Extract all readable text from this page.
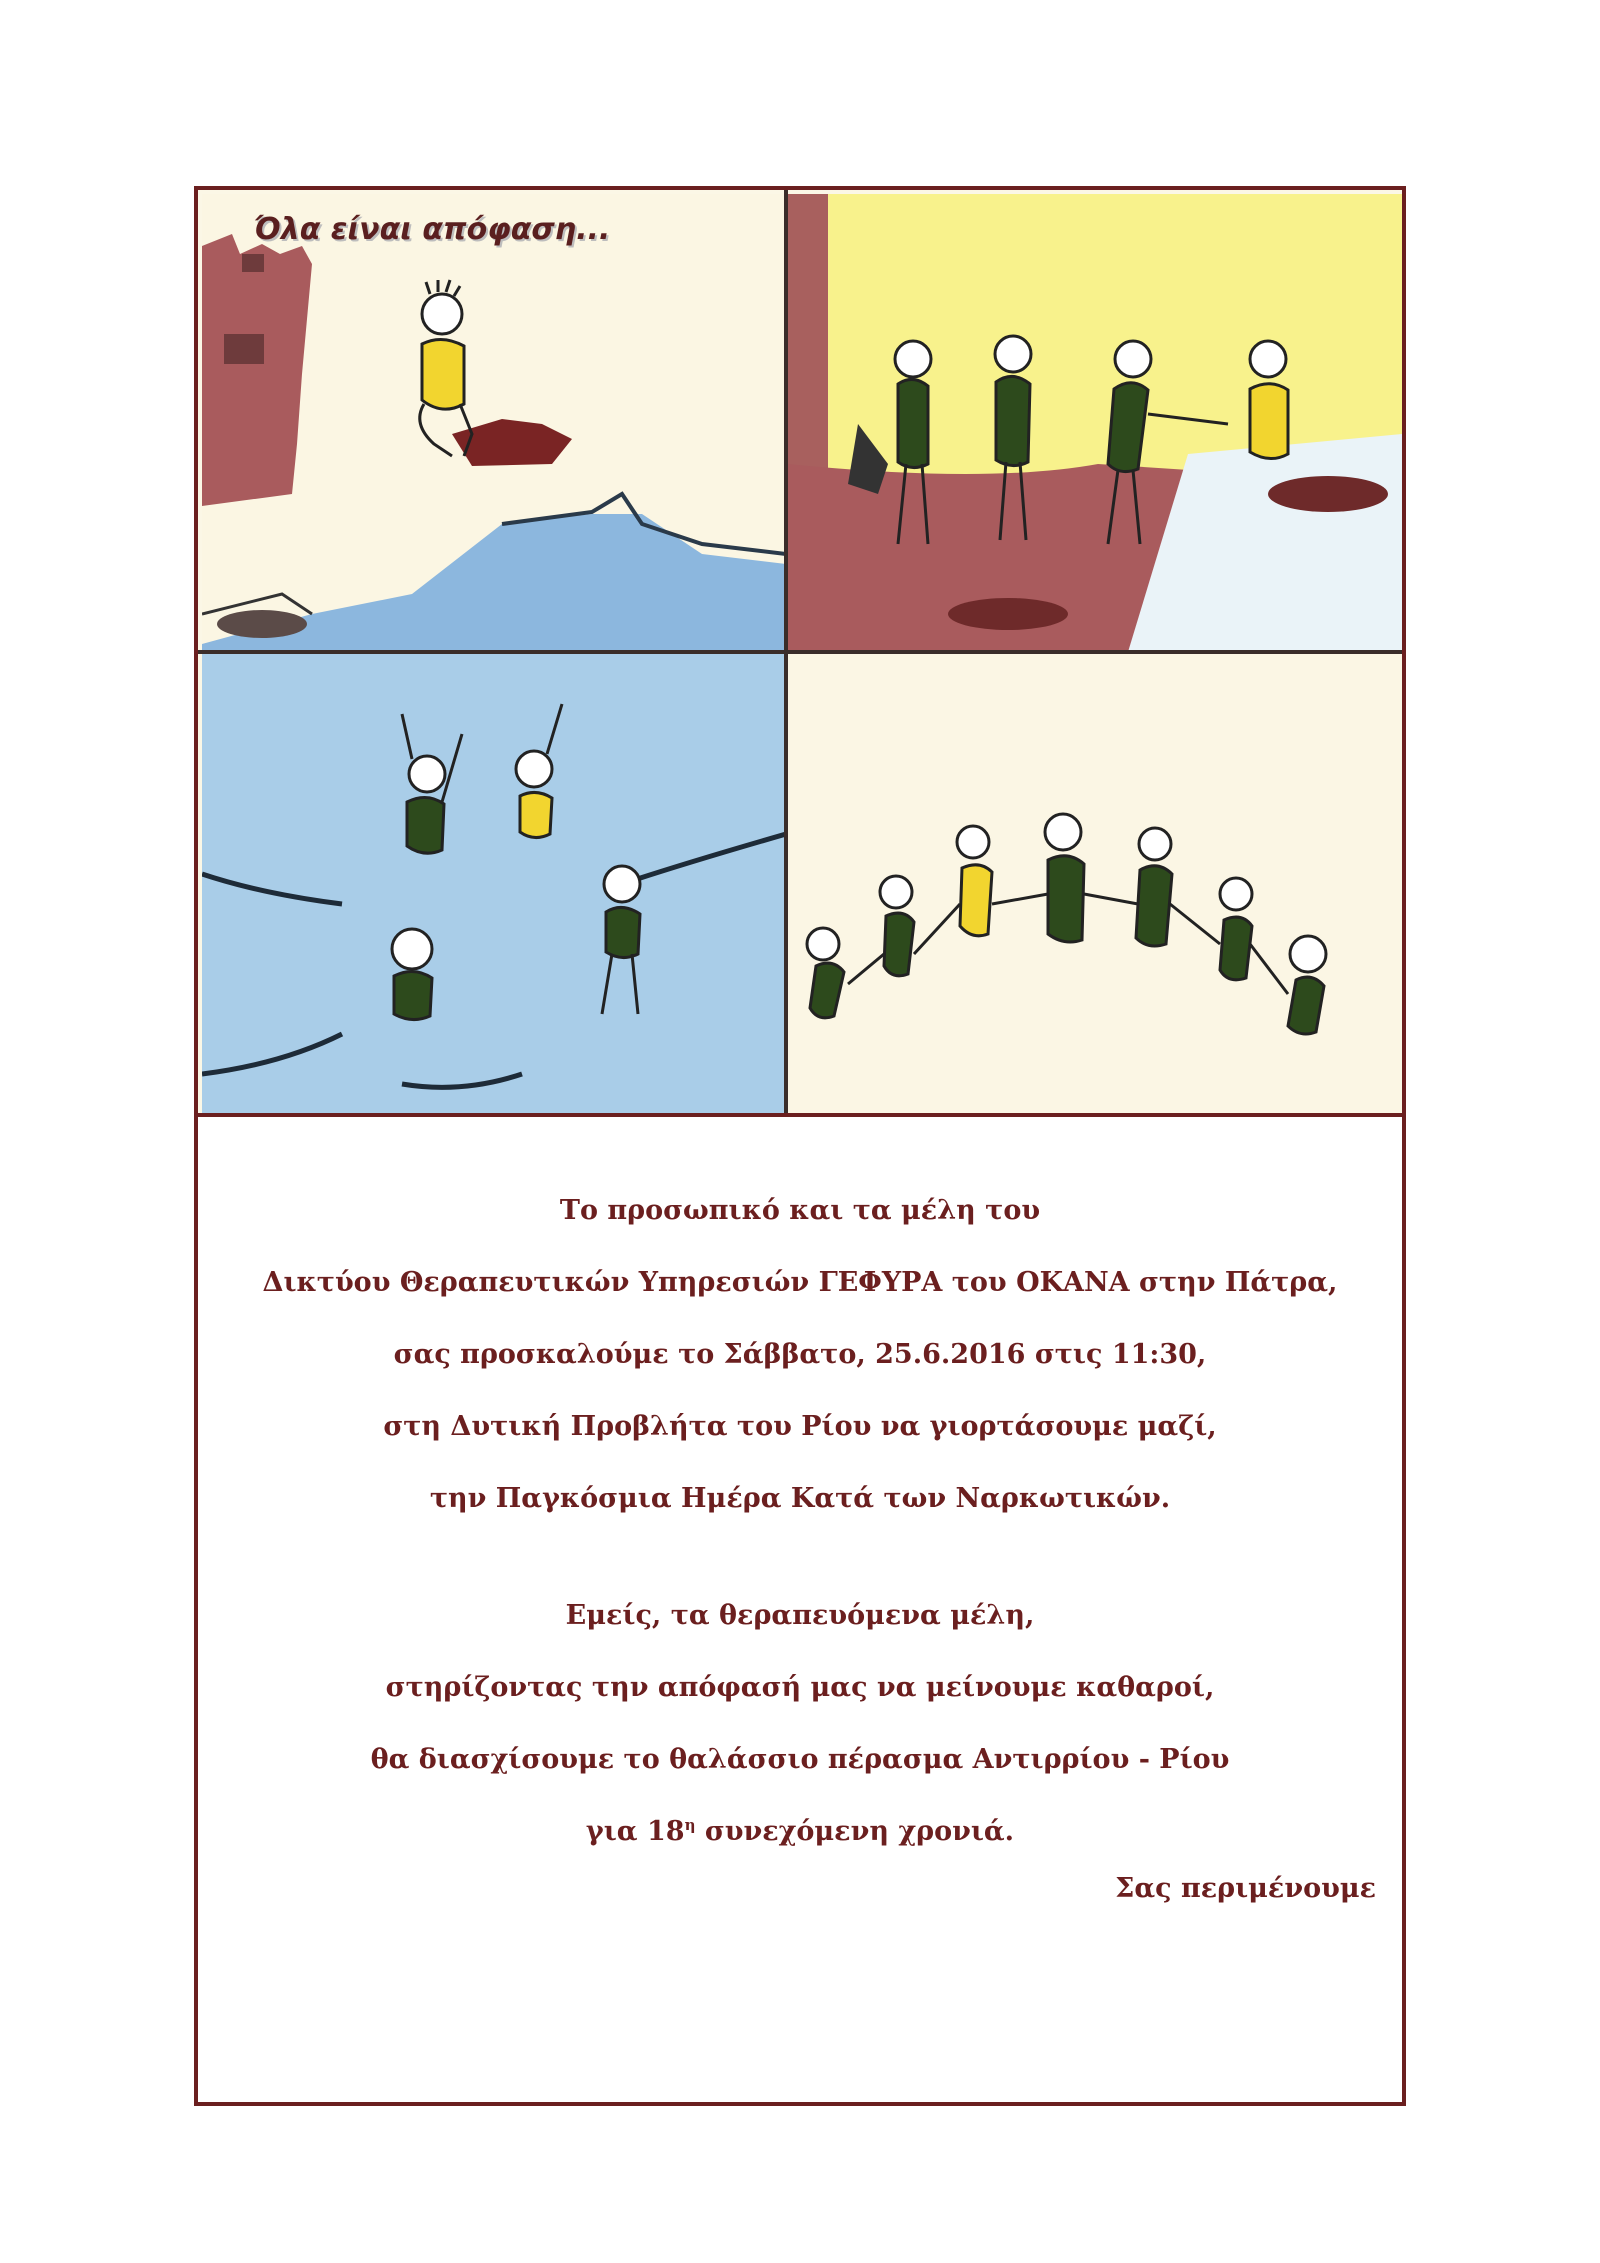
Όλα είναι απόφαση...
Το προσωπικό και τα μέλη του
Δικτύου Θεραπευτικών Υπηρεσιών ΓΕΦΥΡΑ του ΟΚΑΝΑ στην Πάτρα,
σας προσκαλούμε το Σάββατο, 25.6.2016 στις 11:30,
στη Δυτική Προβλήτα του Ρίου να γιορτάσουμε μαζί,
την Παγκόσμια Ημέρα Κατά των Ναρκωτικών.
Εμείς, τα θεραπευόμενα μέλη,
στηρίζοντας την απόφασή μας να μείνουμε καθαροί,
θα διασχίσουμε το θαλάσσιο πέρασμα Αντιρρίου - Ρίου
για $18^\eta$ συνεχόμενη χρονιά.
Σας περιμένουμε
